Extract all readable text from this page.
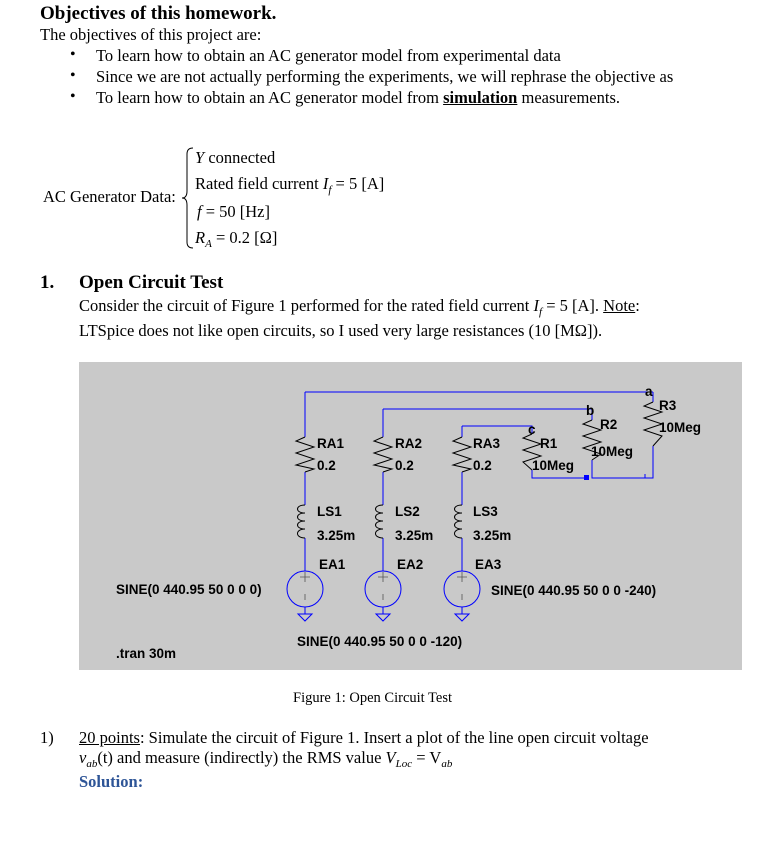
Objectives of this homework.
The objectives of this project are:
• To learn how to obtain an AC generator model from experimental data
• Since we are not actually performing the experiments, we will rephrase the objective as
• To learn how to obtain an AC generator model from simulation measurements.
AC Generator Data:
Y connected
Rated field current $I_f = 5$ [A]
f = 50 [Hz]
$R_A = 0.2$ [Ω]
1. Open Circuit Test
Consider the circuit of Figure 1 performed for the rated field current $I_f = 5$ [A]. Note:
LTSpice does not like open circuits, so I used very large resistances (10 [MΩ]).
RA1
0.2
RA2
0.2
RA3
0.2
LS1
3.25m
LS2
3.25m
LS3
3.25m
EA1	EA2	EA3
R1
10Meg
R2
10Meg
R3
10Meg
a
b
c
SINE(0 440.95 50 0 0 0)
SINE(0 440.95 50 0 0 -120)
SINE(0 440.95 50 0 0 -240)
.tran 30m
Figure 1: Open Circuit Test
1) 20 points: Simulate the circuit of Figure 1. Insert a plot of the line open circuit voltage
$v_{ab}(t)$ and measure (indirectly) the RMS value $V_{Loc} = V_{ab}$
Solution:
